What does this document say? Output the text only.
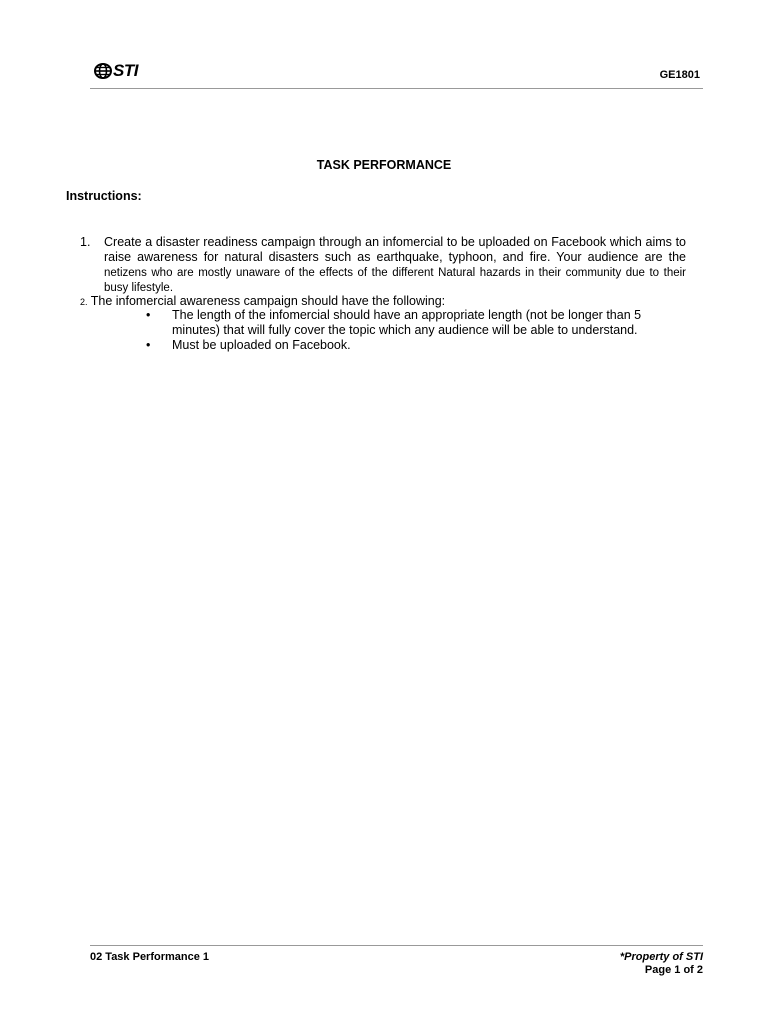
STI	GE1801
TASK PERFORMANCE
Instructions:
1. Create a disaster readiness campaign through an infomercial to be uploaded on Facebook which aims to raise awareness for natural disasters such as earthquake, typhoon, and fire. Your audience are the netizens who are mostly unaware of the effects of the different Natural hazards in their community due to their busy lifestyle.
2. The infomercial awareness campaign should have the following:

• The length of the infomercial should have an appropriate length (not be longer than 5 minutes) that will fully cover the topic which any audience will be able to understand.

• Must be uploaded on Facebook.

02 Task Performance 1	*Property of STI
Page 1 of 2
